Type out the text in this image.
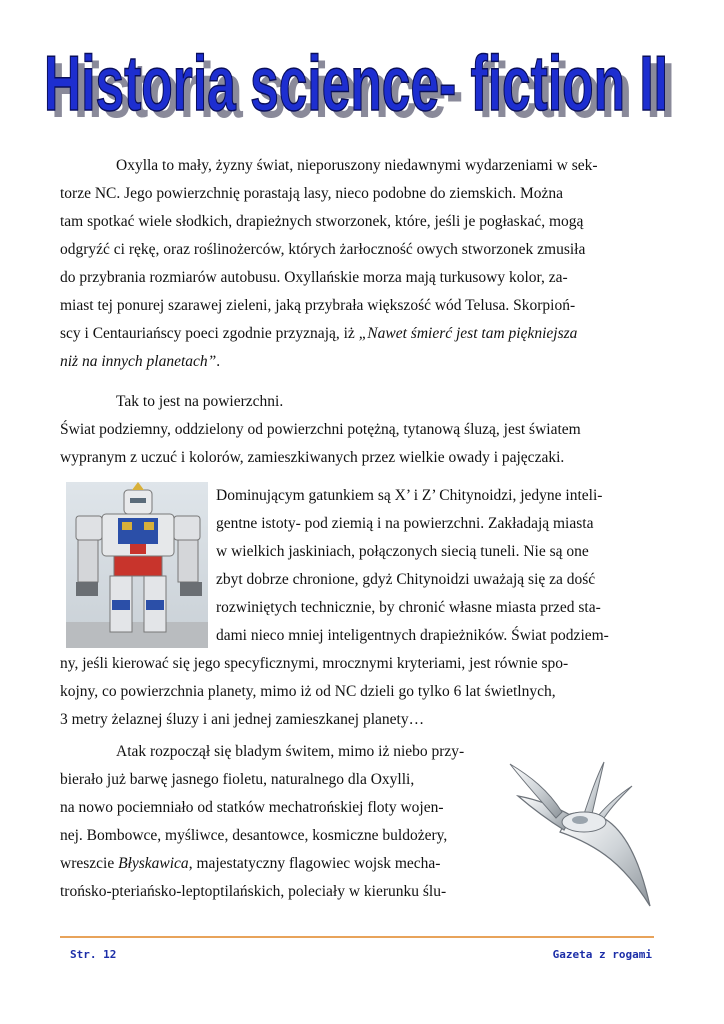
Historia science- fiction II
Historia science- fiction II
Oxylla to mały, żyzny świat, nieporuszony niedawnymi wydarzeniami w sek-
torze NC. Jego powierzchnię porastają lasy, nieco podobne do ziemskich. Można
tam spotkać wiele słodkich, drapieżnych stworzonek, które, jeśli je pogłaskać, mogą
odgryźć ci rękę, oraz roślinożerców, których żarłoczność owych stworzonek zmusiła
do przybrania rozmiarów autobusu. Oxyllańskie morza mają turkusowy kolor, za-
miast tej ponurej szarawej zieleni, jaką przybrała większość wód Telusa. Skorpioń-
scy i Centauriańscy poeci zgodnie przyznają, iż „Nawet śmierć jest tam piękniejsza
niż na innych planetach”.
Tak to jest na powierzchni.
Świat podziemny, oddzielony od powierzchni potężną, tytanową śluzą, jest światem
wypranym z uczuć i kolorów, zamieszkiwanych przez wielkie owady i pajęczaki.
Dominującym gatunkiem są X’ i Z’ Chitynoidzi, jedyne inteli-
gentne istoty- pod ziemią i na powierzchni. Zakładają miasta
w wielkich jaskiniach, połączonych siecią tuneli. Nie są one
zbyt dobrze chronione, gdyż Chitynoidzi uważają się za dość
rozwiniętych technicznie, by chronić własne miasta przed sta-
dami nieco mniej inteligentnych drapieżników. Świat podziem-
ny, jeśli kierować się jego specyficznymi, mrocznymi kryteriami, jest równie spo-
kojny, co powierzchnia planety, mimo iż od NC dzieli go tylko 6 lat świetlnych,
3 metry żelaznej śluzy i ani jednej zamieszkanej planety…
Atak rozpoczął się bladym świtem, mimo iż niebo przy-
bierało już barwę jasnego fioletu, naturalnego dla Oxylli,
na nowo pociemniało od statków mechatrońskiej floty wojen-
nej. Bombowce, myśliwce, desantowce, kosmiczne buldożery,
wreszcie Błyskawica, majestatyczny flagowiec wojsk mecha-
trońsko-pteriańsko-leptoptilańskich, poleciały w kierunku ślu-
Str. 12	Gazeta z rogami
